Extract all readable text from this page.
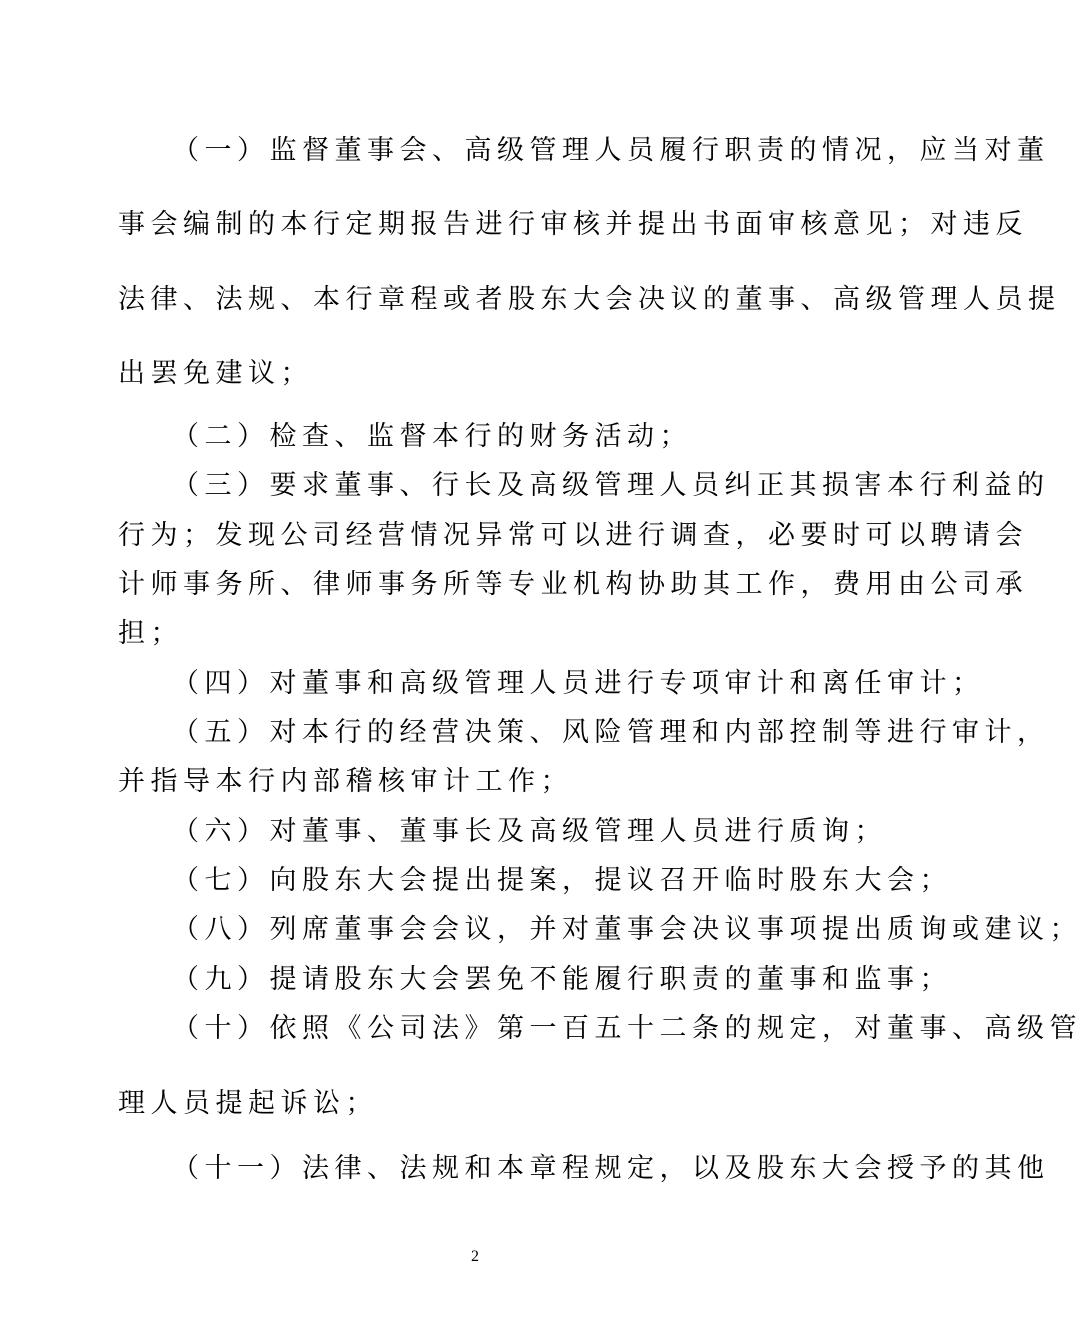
（一）监督董事会、高级管理人员履行职责的情况，应当对董
事会编制的本行定期报告进行审核并提出书面审核意见；对违反
法律、法规、本行章程或者股东大会决议的董事、高级管理人员提
出罢免建议；
（二）检查、监督本行的财务活动；
（三）要求董事、行长及高级管理人员纠正其损害本行利益的
行为；发现公司经营情况异常可以进行调查，必要时可以聘请会
计师事务所、律师事务所等专业机构协助其工作，费用由公司承
担；
（四）对董事和高级管理人员进行专项审计和离任审计；
（五）对本行的经营决策、风险管理和内部控制等进行审计，
并指导本行内部稽核审计工作；
（六）对董事、董事长及高级管理人员进行质询；
（七）向股东大会提出提案，提议召开临时股东大会；
（八）列席董事会会议，并对董事会决议事项提出质询或建议；
（九）提请股东大会罢免不能履行职责的董事和监事；
（十）依照《公司法》第一百五十二条的规定，对董事、高级管
理人员提起诉讼；
（十一）法律、法规和本章程规定，以及股东大会授予的其他
2
